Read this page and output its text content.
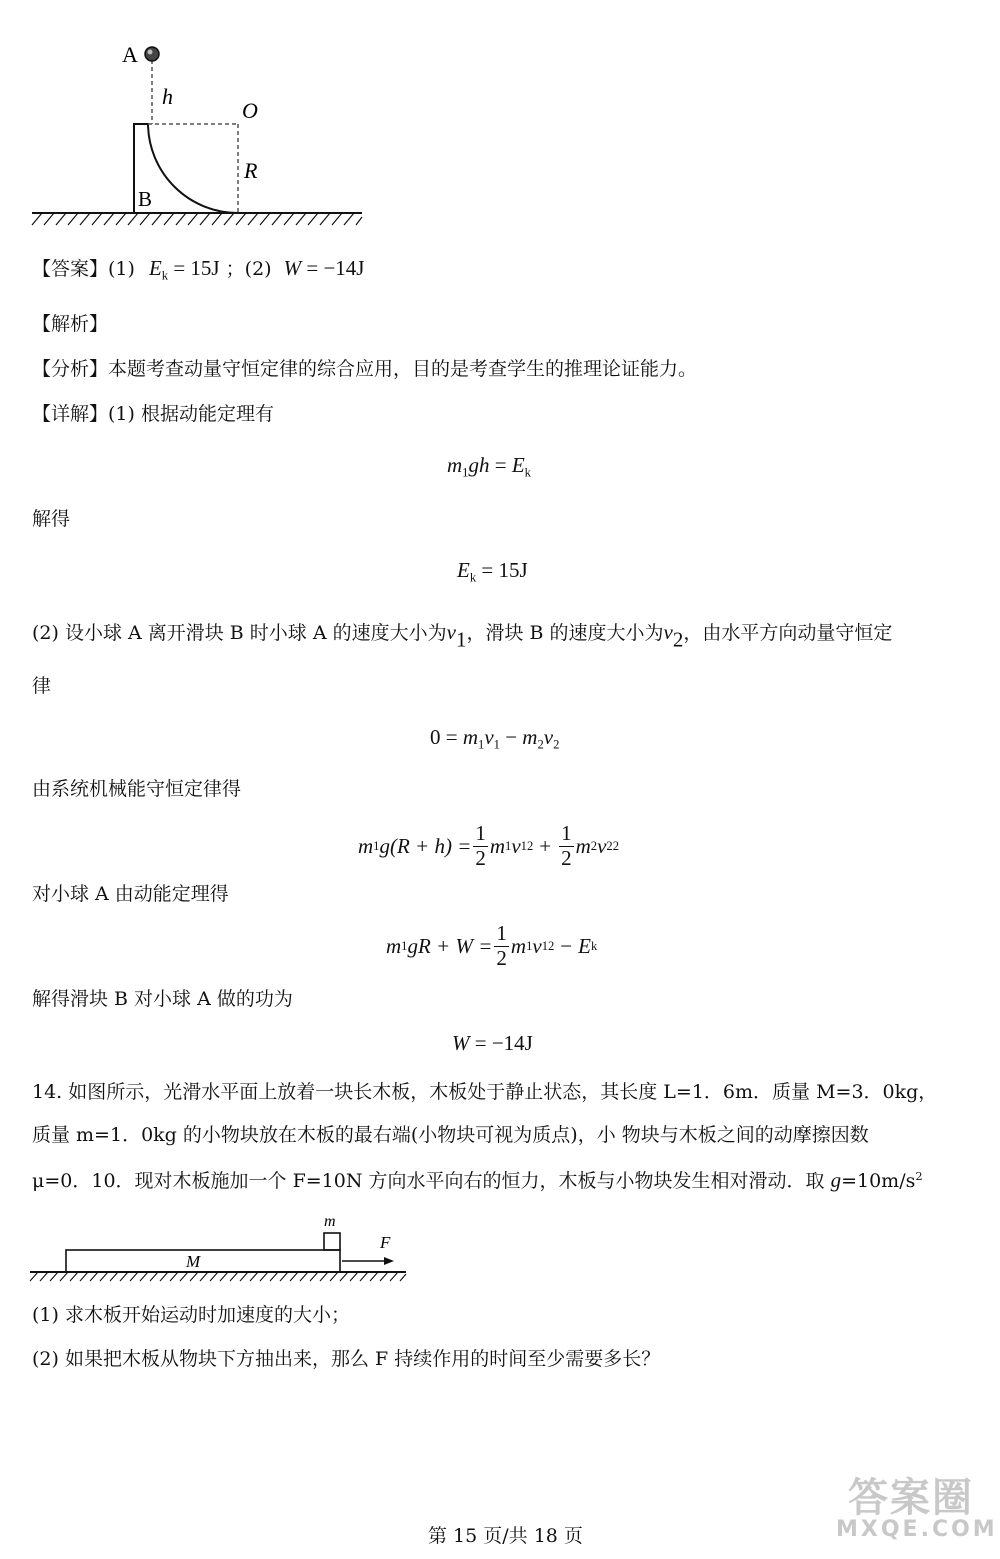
A
h
O
R
B
【答案】(1) $E_k = 15J$ ；(2) W = −14J
【解析】
【分析】本题考查动量守恒定律的综合应用，目的是考查学生的推理论证能力。
【详解】(1) 根据动能定理有
$m_1gh = E_k$
解得
$E_k = 15J$
(2) 设小球 A 离开滑块 B 时小球 A 的速度大小为$v_1$，滑块 B 的速度大小为$v_2$，由水平方向动量守恒定
律
$0 = m_1v_1 - m_2v_2$
由系统机械能守恒定律得
m 1 g $(R + h) = \frac{1}{2}$ m 1 v 1 $2 + \frac{1}{2}$ m 2 v 2 2
对小球 A 由动能定理得
m 1 gR + $W = \frac{1}{2}$ m 1 v 1 2 − E k
解得滑块 B 对小球 A 做的功为
W = −14J
14. 如图所示，光滑水平面上放着一块长木板，木板处于静止状态，其长度 L=1．6m．质量 M=3．0kg，
质量 m=1．0kg 的小物块放在木板的最右端(小物块可视为质点)，小 物块与木板之间的动摩擦因数
μ=0．10．现对木板施加一个 F=10N 方向水平向右的恒力，木板与小物块发生相对滑动．取 $g=10m/s^2$
m
M
F
(1) 求木板开始运动时加速度的大小；
(2) 如果把木板从物块下方抽出来，那么 F 持续作用的时间至少需要多长？
第 15 页/共 18 页
答案圈
MXQE.COM
